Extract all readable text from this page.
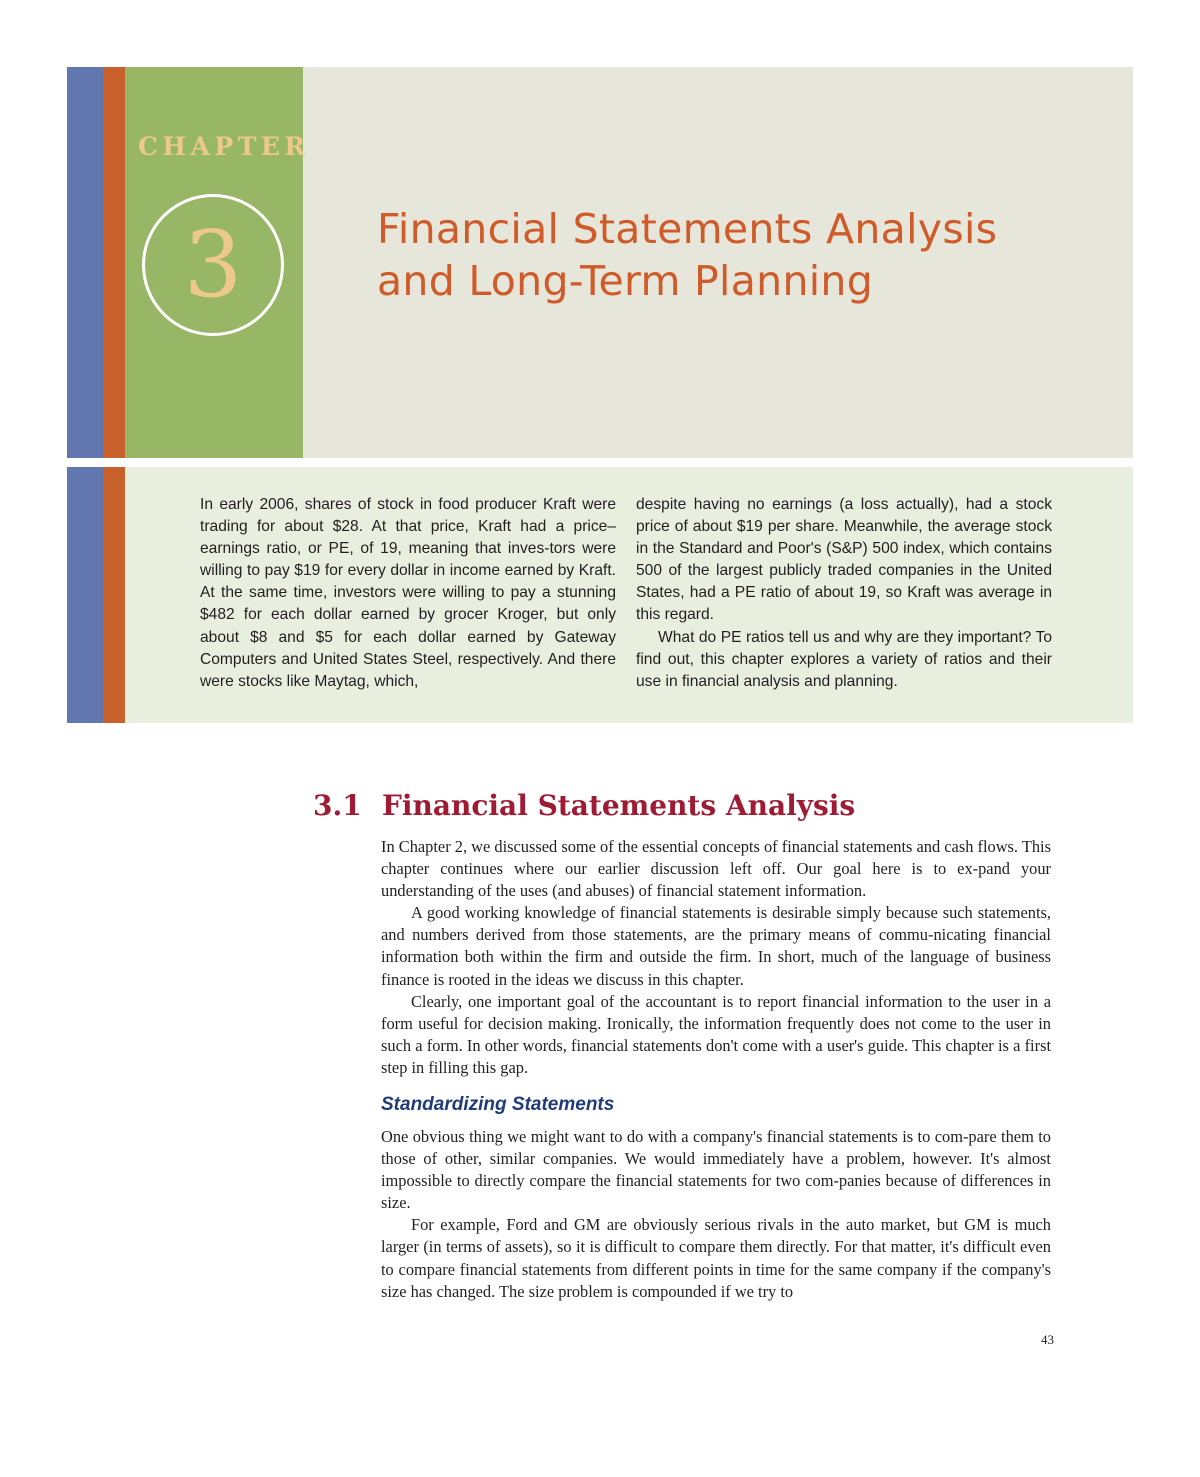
CHAPTER
3	Financial Statements Analysis
and Long-Term Planning

In early 2006, shares of stock in food producer Kraft were trading for about $28. At that price, Kraft had a price–earnings ratio, or PE, of 19, meaning that inves-tors were willing to pay $19 for every dollar in income earned by Kraft. At the same time, investors were willing to pay a stunning $482 for each dollar earned by grocer Kroger, but only about $8 and $5 for each dollar earned by Gateway Computers and United States Steel, respectively. And there were stocks like Maytag, which,

despite having no earnings (a loss actually), had a stock price of about $19 per share. Meanwhile, the average stock in the Standard and Poor's (S&P) 500 index, which contains 500 of the largest publicly traded companies in the United States, had a PE ratio of about 19, so Kraft was average in this regard.

What do PE ratios tell us and why are they important? To find out, this chapter explores a variety of ratios and their use in financial analysis and planning.

3.1 Financial Statements Analysis

In Chapter 2, we discussed some of the essential concepts of financial statements and cash flows. This chapter continues where our earlier discussion left off. Our goal here is to ex-pand your understanding of the uses (and abuses) of financial statement information.

A good working knowledge of financial statements is desirable simply because such statements, and numbers derived from those statements, are the primary means of commu-nicating financial information both within the firm and outside the firm. In short, much of the language of business finance is rooted in the ideas we discuss in this chapter.

Clearly, one important goal of the accountant is to report financial information to the user in a form useful for decision making. Ironically, the information frequently does not come to the user in such a form. In other words, financial statements don't come with a user's guide. This chapter is a first step in filling this gap.

Standardizing Statements

One obvious thing we might want to do with a company's financial statements is to com-pare them to those of other, similar companies. We would immediately have a problem, however. It's almost impossible to directly compare the financial statements for two com-panies because of differences in size.

For example, Ford and GM are obviously serious rivals in the auto market, but GM is much larger (in terms of assets), so it is difficult to compare them directly. For that matter, it's difficult even to compare financial statements from different points in time for the same company if the company's size has changed. The size problem is compounded if we try to

43
